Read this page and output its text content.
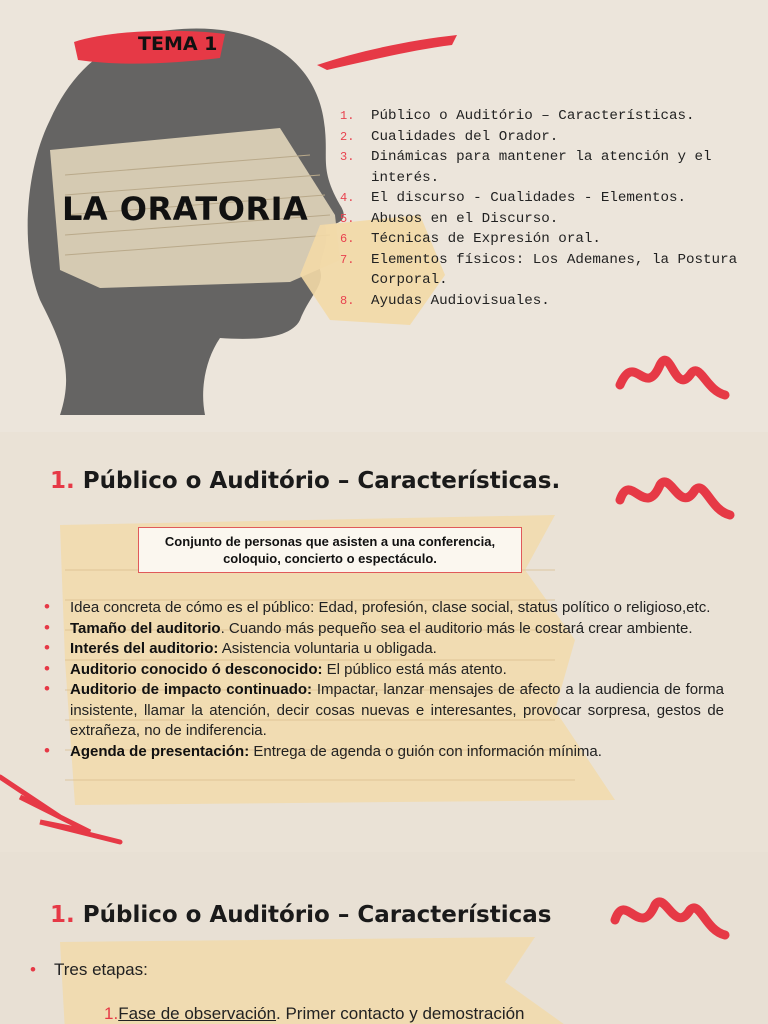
TEMA 1
LA ORATORIA
1. Público o Auditório – Características.
2. Cualidades del Orador.
3. Dinámicas para mantener la atención y el interés.
4. El discurso - Cualidades - Elementos.
5. Abusos en el Discurso.
6. Técnicas de Expresión oral.
7. Elementos físicos: Los Ademanes, la Postura Corporal.
8. Ayudas Audiovisuales.
1. Público o Auditório – Características.
Conjunto de personas que asisten a una conferencia, coloquio, concierto o espectáculo.
• Idea concreta de cómo es el público: Edad, profesión, clase social, status político o religioso,etc.
• Tamaño del auditorio. Cuando más pequeño sea el auditorio más le costará crear ambiente.
• Interés del auditorio: Asistencia voluntaria u obligada.
• Auditorio conocido ó desconocido: El público está más atento.
• Auditorio de impacto continuado: Impactar, lanzar mensajes de afecto a la audiencia de forma insistente, llamar la atención, decir cosas nuevas e interesantes, provocar sorpresa, gestos de extrañeza, no de indiferencia.
• Agenda de presentación: Entrega de agenda o guión con información mínima.
1. Público o Auditório – Características
• Tres etapas:
1.Fase de observación. Primer contacto y demostración
